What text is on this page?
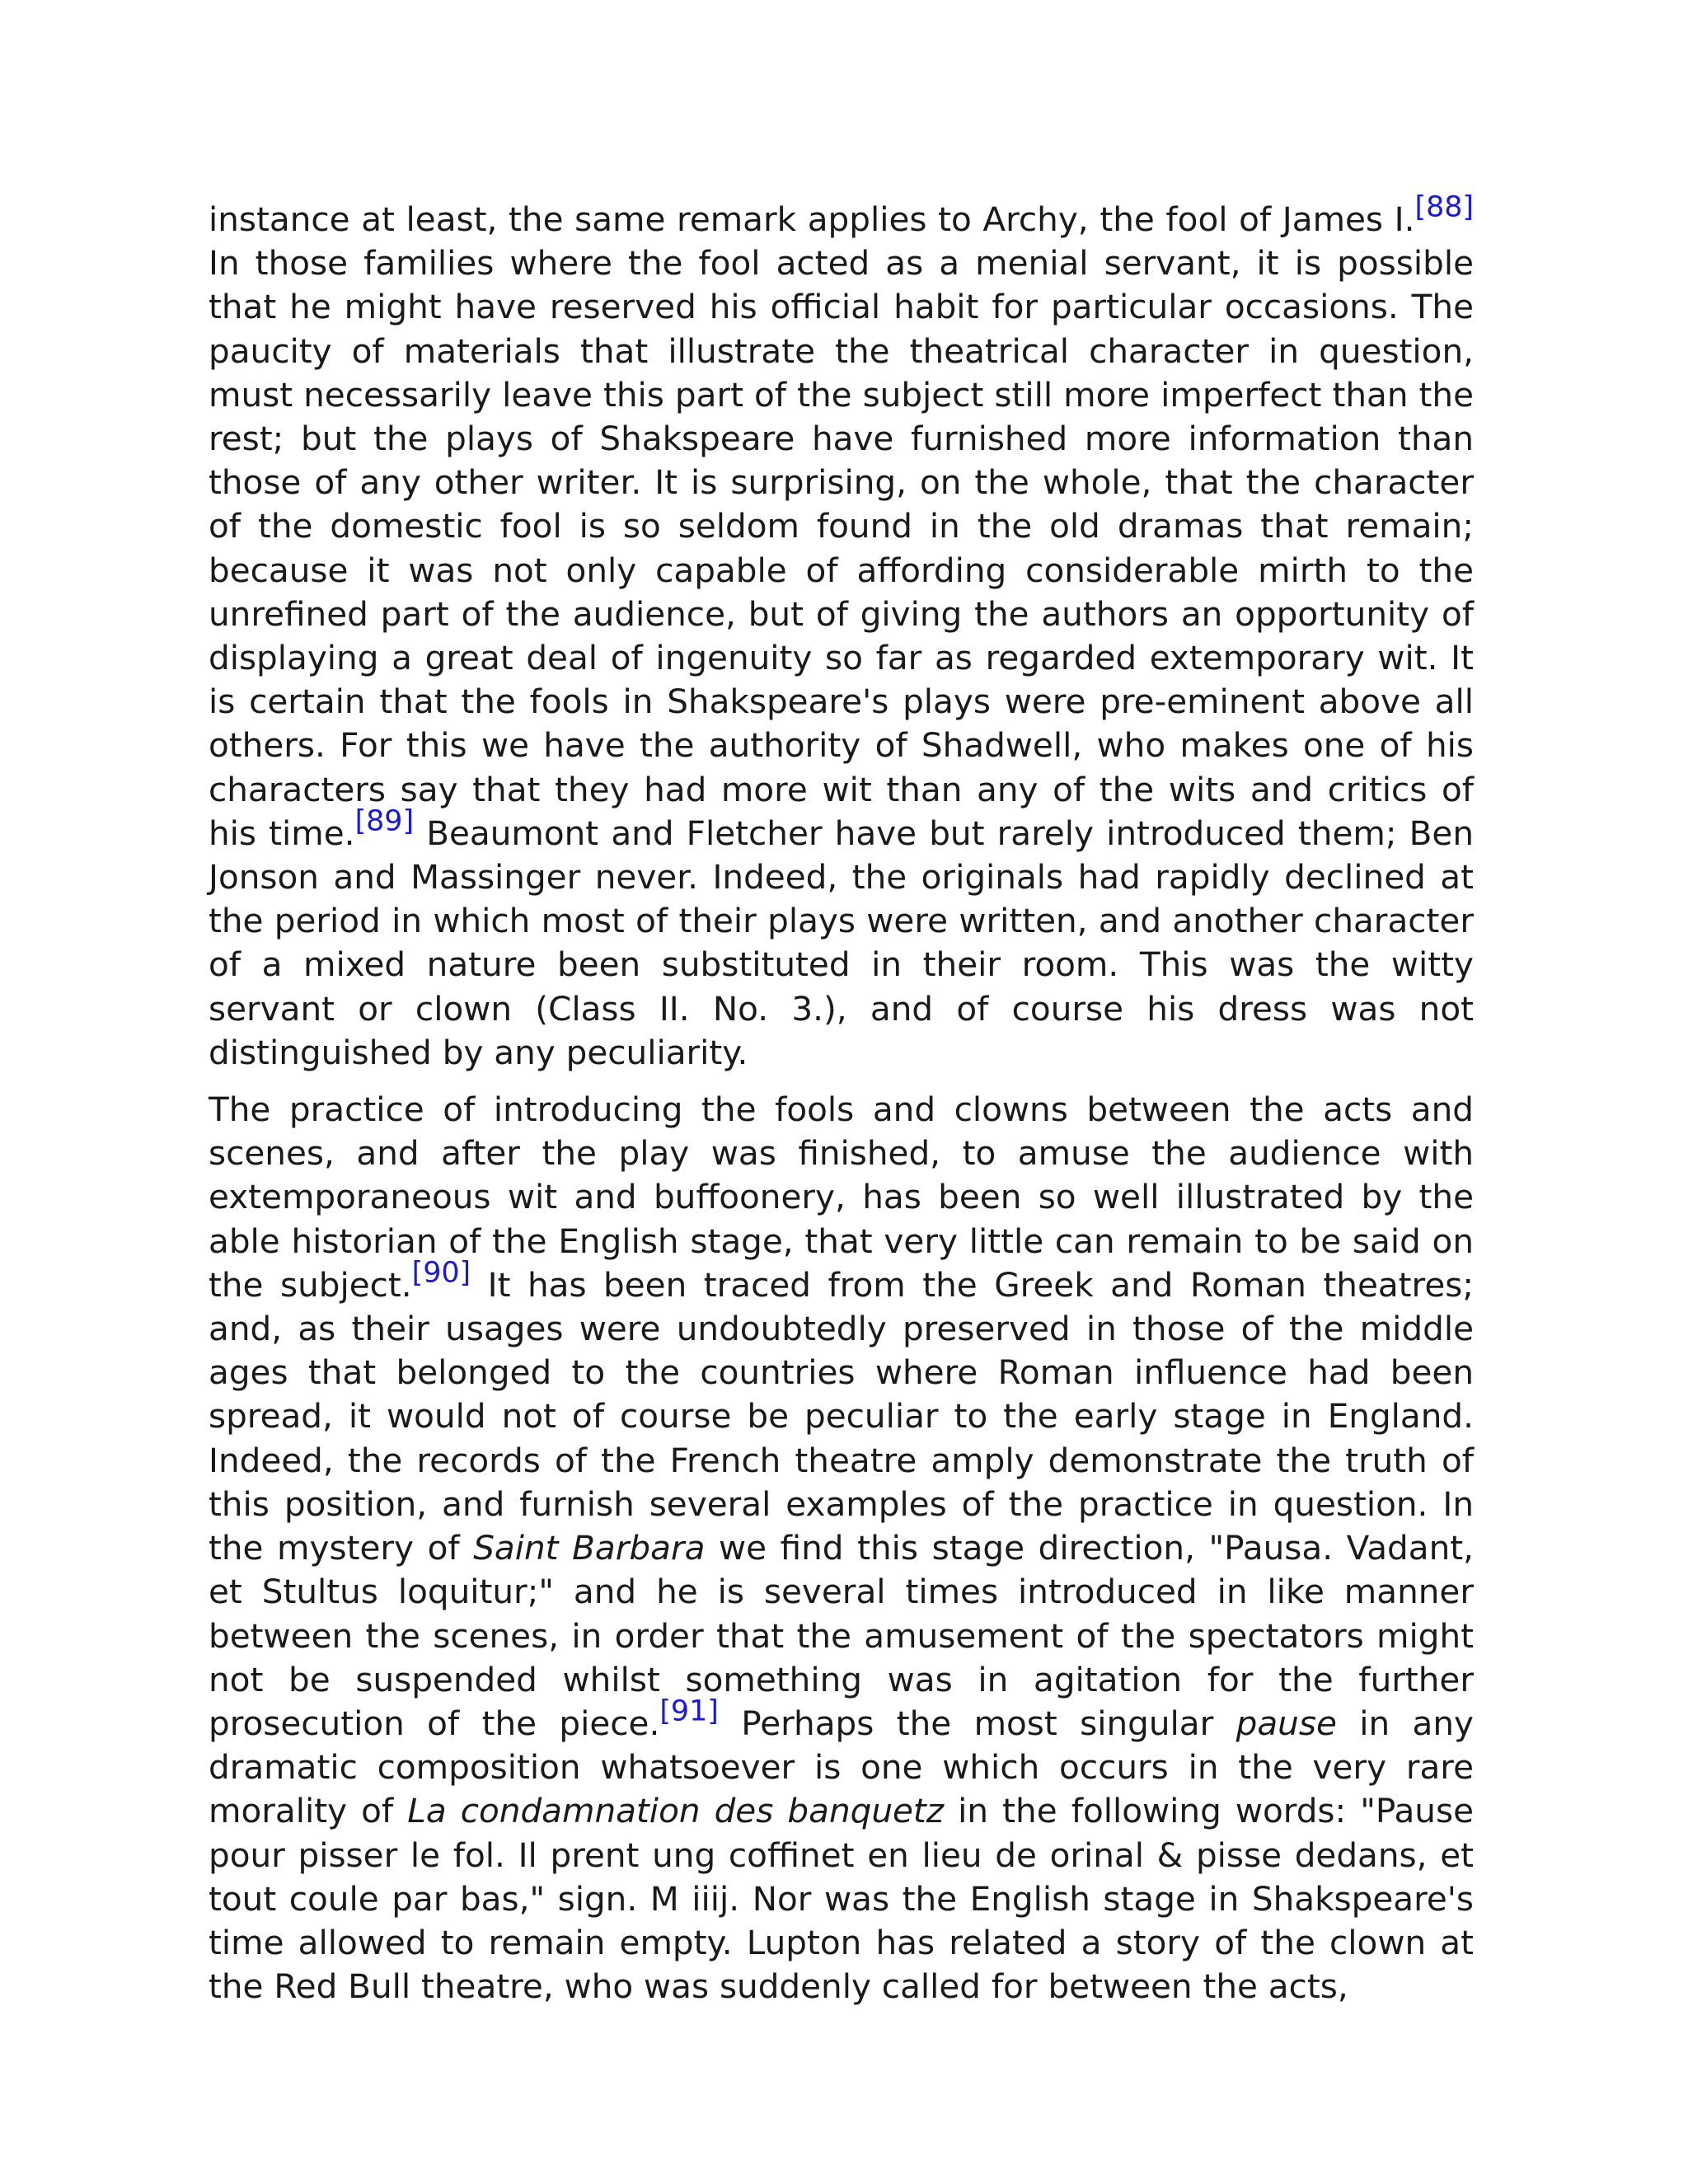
instance at least, the same remark applies to Archy, the fool of James I.[88] In those families where the fool acted as a menial servant, it is possible that he might have reserved his official habit for particular occasions. The paucity of materials that illustrate the theatrical character in question, must necessarily leave this part of the subject still more imperfect than the rest; but the plays of Shakspeare have furnished more information than those of any other writer. It is surprising, on the whole, that the character of the domestic fool is so seldom found in the old dramas that remain; because it was not only capable of affording considerable mirth to the unrefined part of the audience, but of giving the authors an opportunity of displaying a great deal of ingenuity so far as regarded extemporary wit. It is certain that the fools in Shakspeare's plays were pre-eminent above all others. For this we have the authority of Shadwell, who makes one of his characters say that they had more wit than any of the wits and critics of his time.[89] Beaumont and Fletcher have but rarely introduced them; Ben Jonson and Massinger never. Indeed, the originals had rapidly declined at the period in which most of their plays were written, and another character of a mixed nature been substituted in their room. This was the witty servant or clown (Class II. No. 3.), and of course his dress was not distinguished by any peculiarity.

The practice of introducing the fools and clowns between the acts and scenes, and after the play was finished, to amuse the audience with extemporaneous wit and buffoonery, has been so well illustrated by the able historian of the English stage, that very little can remain to be said on the subject.[90] It has been traced from the Greek and Roman theatres; and, as their usages were undoubtedly preserved in those of the middle ages that belonged to the countries where Roman influence had been spread, it would not of course be peculiar to the early stage in England. Indeed, the records of the French theatre amply demonstrate the truth of this position, and furnish several examples of the practice in question. In the mystery of Saint Barbara we find this stage direction, "Pausa. Vadant, et Stultus loquitur;" and he is several times introduced in like manner between the scenes, in order that the amusement of the spectators might not be suspended whilst something was in agitation for the further prosecution of the piece.[91] Perhaps the most singular pause in any dramatic composition whatsoever is one which occurs in the very rare morality of La condamnation des banquetz in the following words: "Pause pour pisser le fol. Il prent ung coffinet en lieu de orinal & pisse dedans, et tout coule par bas," sign. M iiij. Nor was the English stage in Shakspeare's time allowed to remain empty. Lupton has related a story of the clown at the Red Bull theatre, who was suddenly called for between the acts,
